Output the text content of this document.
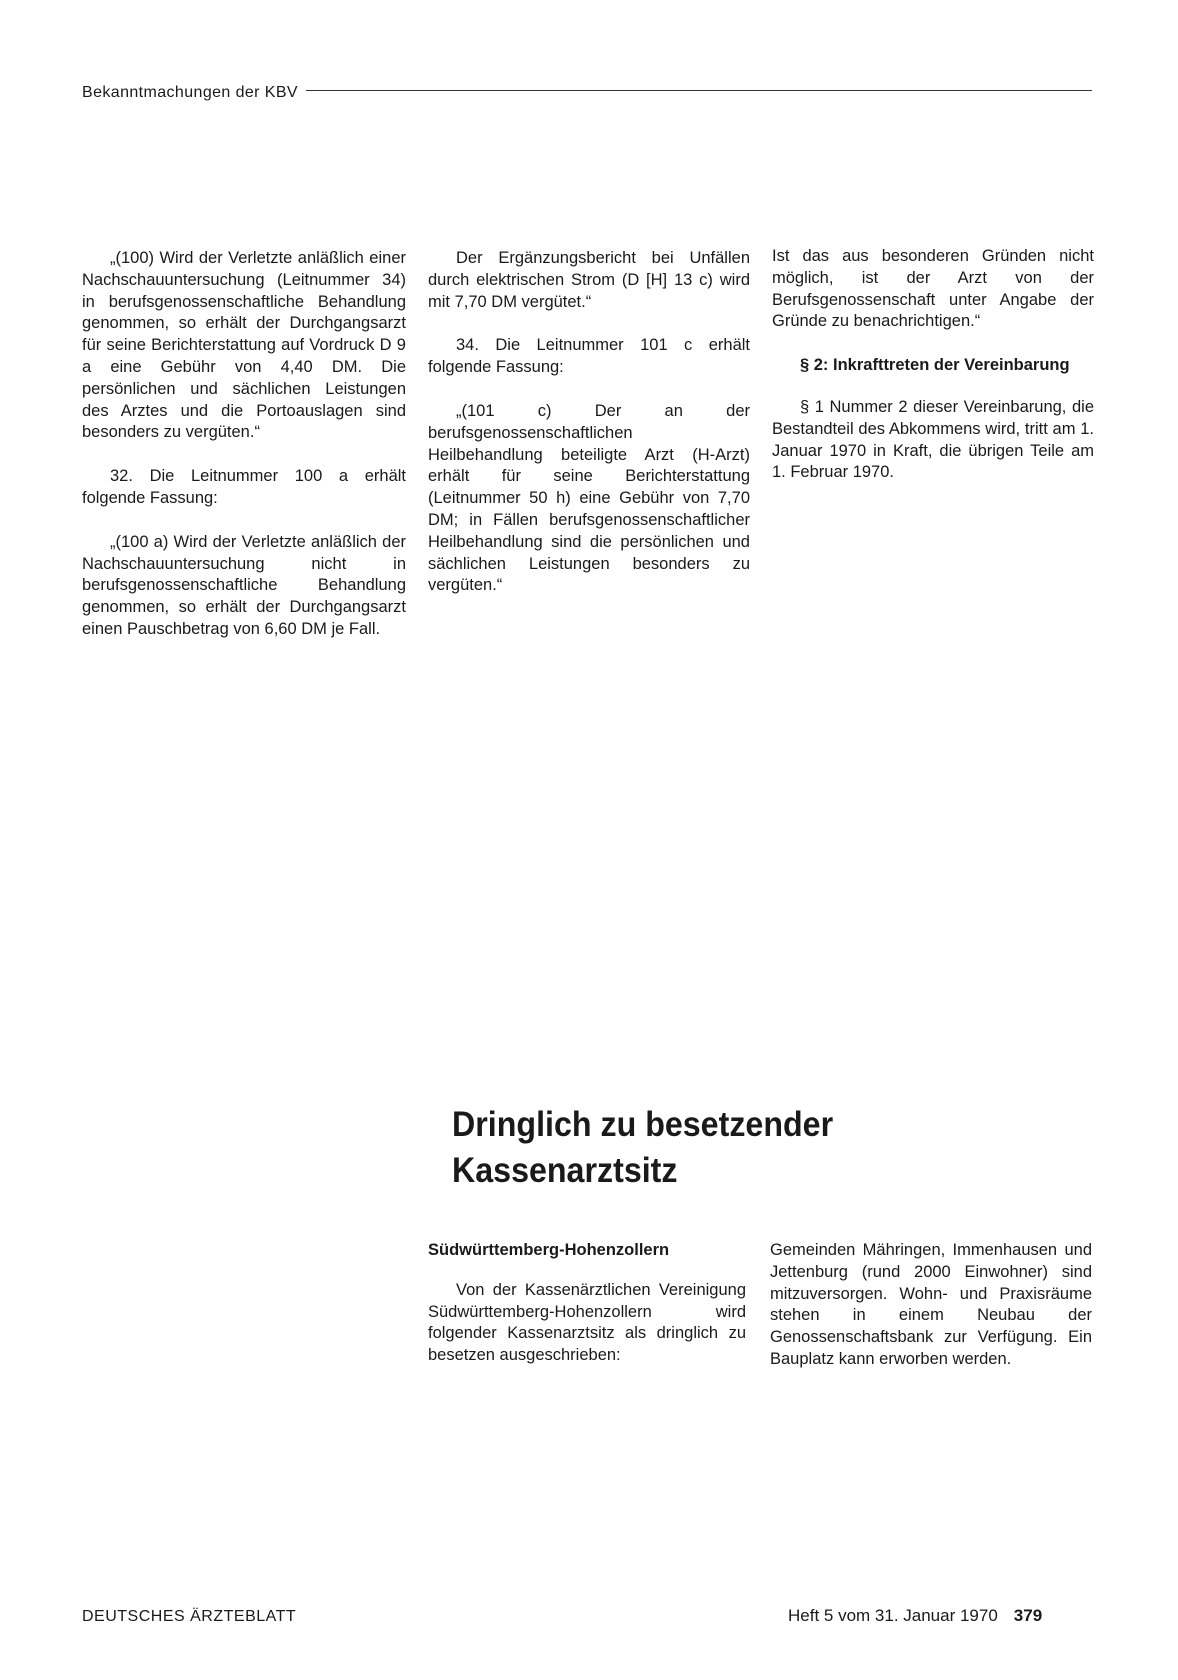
Bekanntmachungen der KBV

„(100) Wird der Verletzte anläßlich einer Nachschauuntersuchung (Leitnummer 34) in berufsgenossenschaftliche Behandlung genommen, so erhält der Durchgangsarzt für seine Berichterstattung auf Vordruck D 9 a eine Gebühr von 4,40 DM. Die persönlichen und sächlichen Leistungen des Arztes und die Portoauslagen sind besonders zu vergüten.“

32. Die Leitnummer 100 a erhält folgende Fassung:

„(100 a) Wird der Verletzte anläßlich der Nachschauuntersuchung nicht in berufsgenossenschaftliche Behandlung genommen, so erhält der Durchgangsarzt einen Pauschbetrag von 6,60 DM je Fall.

Der Ergänzungsbericht bei Unfällen durch elektrischen Strom (D [H] 13 c) wird mit 7,70 DM vergütet.“

34. Die Leitnummer 101 c erhält folgende Fassung:

„(101 c) Der an der berufsgenossenschaftlichen Heilbehandlung beteiligte Arzt (H-Arzt) erhält für seine Berichterstattung (Leitnummer 50 h) eine Gebühr von 7,70 DM; in Fällen berufsgenossenschaftlicher Heilbehandlung sind die persönlichen und sächlichen Leistungen besonders zu vergüten.“

Ist das aus besonderen Gründen nicht möglich, ist der Arzt von der Berufsgenossenschaft unter Angabe der Gründe zu benachrichtigen.“

§ 2: Inkrafttreten der Vereinbarung

§ 1 Nummer 2 dieser Vereinbarung, die Bestandteil des Abkommens wird, tritt am 1. Januar 1970 in Kraft, die übrigen Teile am 1. Februar 1970.

Dringlich zu besetzender Kassenarztsitz
Südwürttemberg-Hohenzollern

Von der Kassenärztlichen Vereinigung Südwürttemberg-Hohenzollern wird folgender Kassenarztsitz als dringlich zu besetzen ausgeschrieben:

Gemeinden Mähringen, Immenhausen und Jettenburg (rund 2000 Einwohner) sind mitzuversorgen. Wohn- und Praxisräume stehen in einem Neubau der Genossenschaftsbank zur Verfügung. Ein Bauplatz kann erworben werden.

DEUTSCHES ÄRZTEBLATT	Heft 5 vom 31. Januar 1970 379
